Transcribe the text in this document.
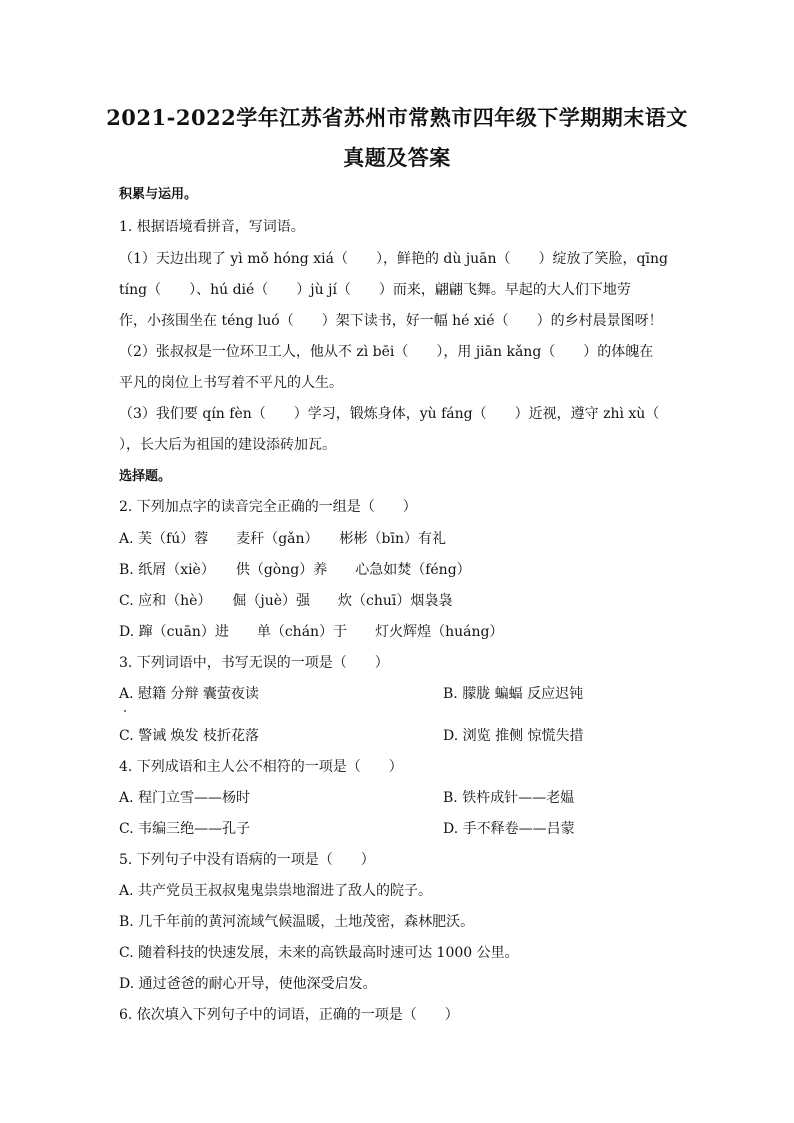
2021-2022学年江苏省苏州市常熟市四年级下学期期末语文
真题及答案
积累与运用。
1. 根据语境看拼音，写词语。
（1）天边出现了 yì mǒ hóng xiá（　　），鲜艳的 dù juān（　　）绽放了笑脸，qīng
tíng（　　）、hú dié（　　）jù jí（　　）而来，翩翩飞舞。早起的大人们下地劳
作，小孩围坐在 téng luó（　　）架下读书，好一幅 hé xié（　　）的乡村晨景图呀！
（2）张叔叔是一位环卫工人，他从不 zì bēi（　　），用 jiān kǎng（　　）的体魄在
平凡的岗位上书写着不平凡的人生。
（3）我们要 qín fèn（　　）学习，锻炼身体，yù fáng（　　）近视，遵守 zhì xù（
），长大后为祖国的建设添砖加瓦。
选择题。
2. 下列加点字的读音完全正确的一组是（　　）
A. 芙（fú）蓉　　麦秆（gǎn）　　彬彬（bīn）有礼
B. 纸屑（xiè）　　供（gòng）养　　心急如焚（féng）
C. 应和（hè）　　倔（juè）强　　炊（chuī）烟袅袅
D. 蹿（cuān）进　　单（chán）于　　灯火辉煌（huáng）
3. 下列词语中，书写无误的一项是（　　）
A. 慰籍 分辩 囊萤夜读	B. 朦胧 蝙蝠 反应迟钝
C. 警诫 焕发 枝折花落	D. 浏览 推侧 惊慌失措
4. 下列成语和主人公不相符的一项是（　　）
A. 程门立雪——杨时	B. 铁杵成针——老媪
C. 韦编三绝——孔子	D. 手不释卷——吕蒙
5. 下列句子中没有语病的一项是（　　）
A. 共产党员王叔叔鬼鬼祟祟地溜进了敌人的院子。
B. 几千年前的黄河流域气候温暖，土地茂密，森林肥沃。
C. 随着科技的快速发展，未来的高铁最高时速可达 1000 公里。
D. 通过爸爸的耐心开导，使他深受启发。
6. 依次填入下列句子中的词语，正确的一项是（　　）
